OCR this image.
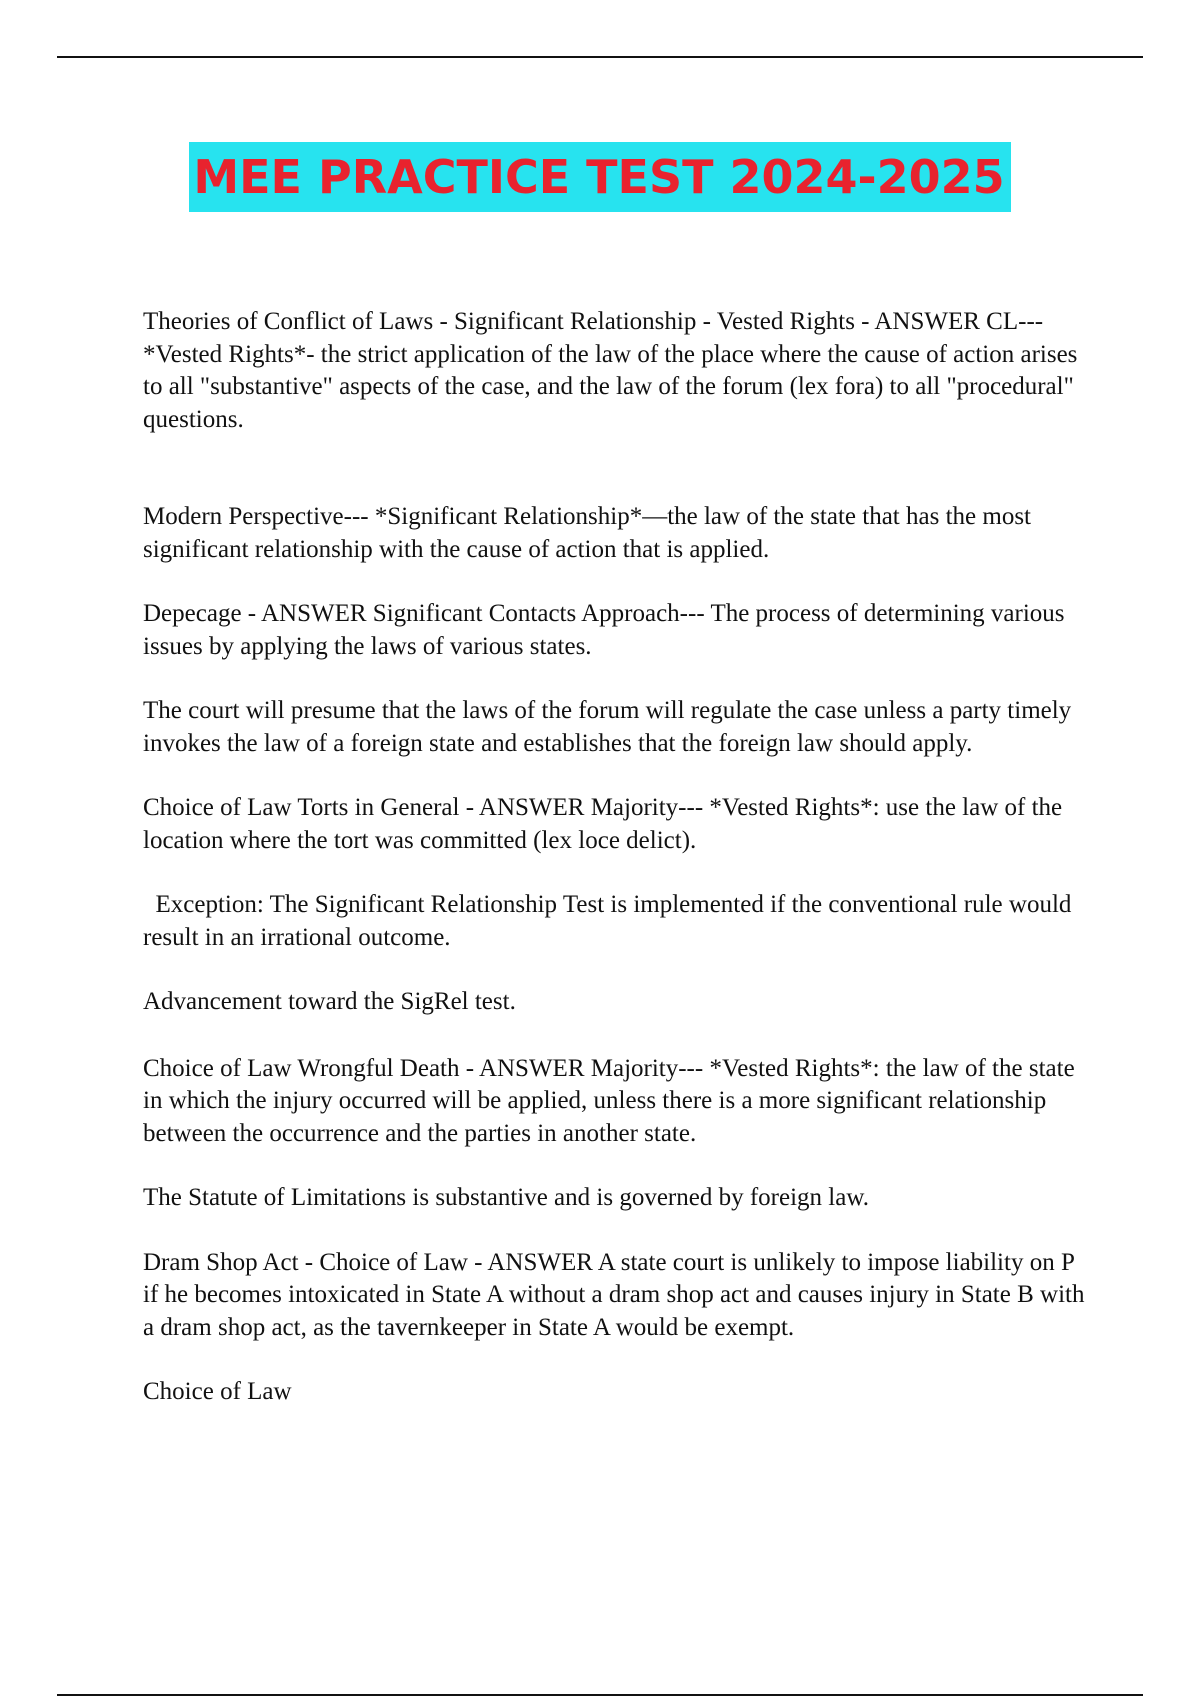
MEE PRACTICE TEST 2024-2025

Theories of Conflict of Laws - Significant Relationship - Vested Rights - ANSWER CL--- *Vested Rights*- the strict application of the law of the place where the cause of action arises to all "substantive" aspects of the case, and the law of the forum (lex fora) to all "procedural" questions.

Modern Perspective--- *Significant Relationship*—the law of the state that has the most significant relationship with the cause of action that is applied.

Depecage - ANSWER Significant Contacts Approach--- The process of determining various issues by applying the laws of various states.

The court will presume that the laws of the forum will regulate the case unless a party timely invokes the law of a foreign state and establishes that the foreign law should apply.

Choice of Law Torts in General - ANSWER Majority--- *Vested Rights*: use the law of the location where the tort was committed (lex loce delict).

Exception: The Significant Relationship Test is implemented if the conventional rule would result in an irrational outcome.

Advancement toward the SigRel test.

Choice of Law Wrongful Death - ANSWER Majority--- *Vested Rights*: the law of the state in which the injury occurred will be applied, unless there is a more significant relationship between the occurrence and the parties in another state.

The Statute of Limitations is substantive and is governed by foreign law.

Dram Shop Act - Choice of Law - ANSWER A state court is unlikely to impose liability on P if he becomes intoxicated in State A without a dram shop act and causes injury in State B with a dram shop act, as the tavernkeeper in State A would be exempt.

Choice of Law
